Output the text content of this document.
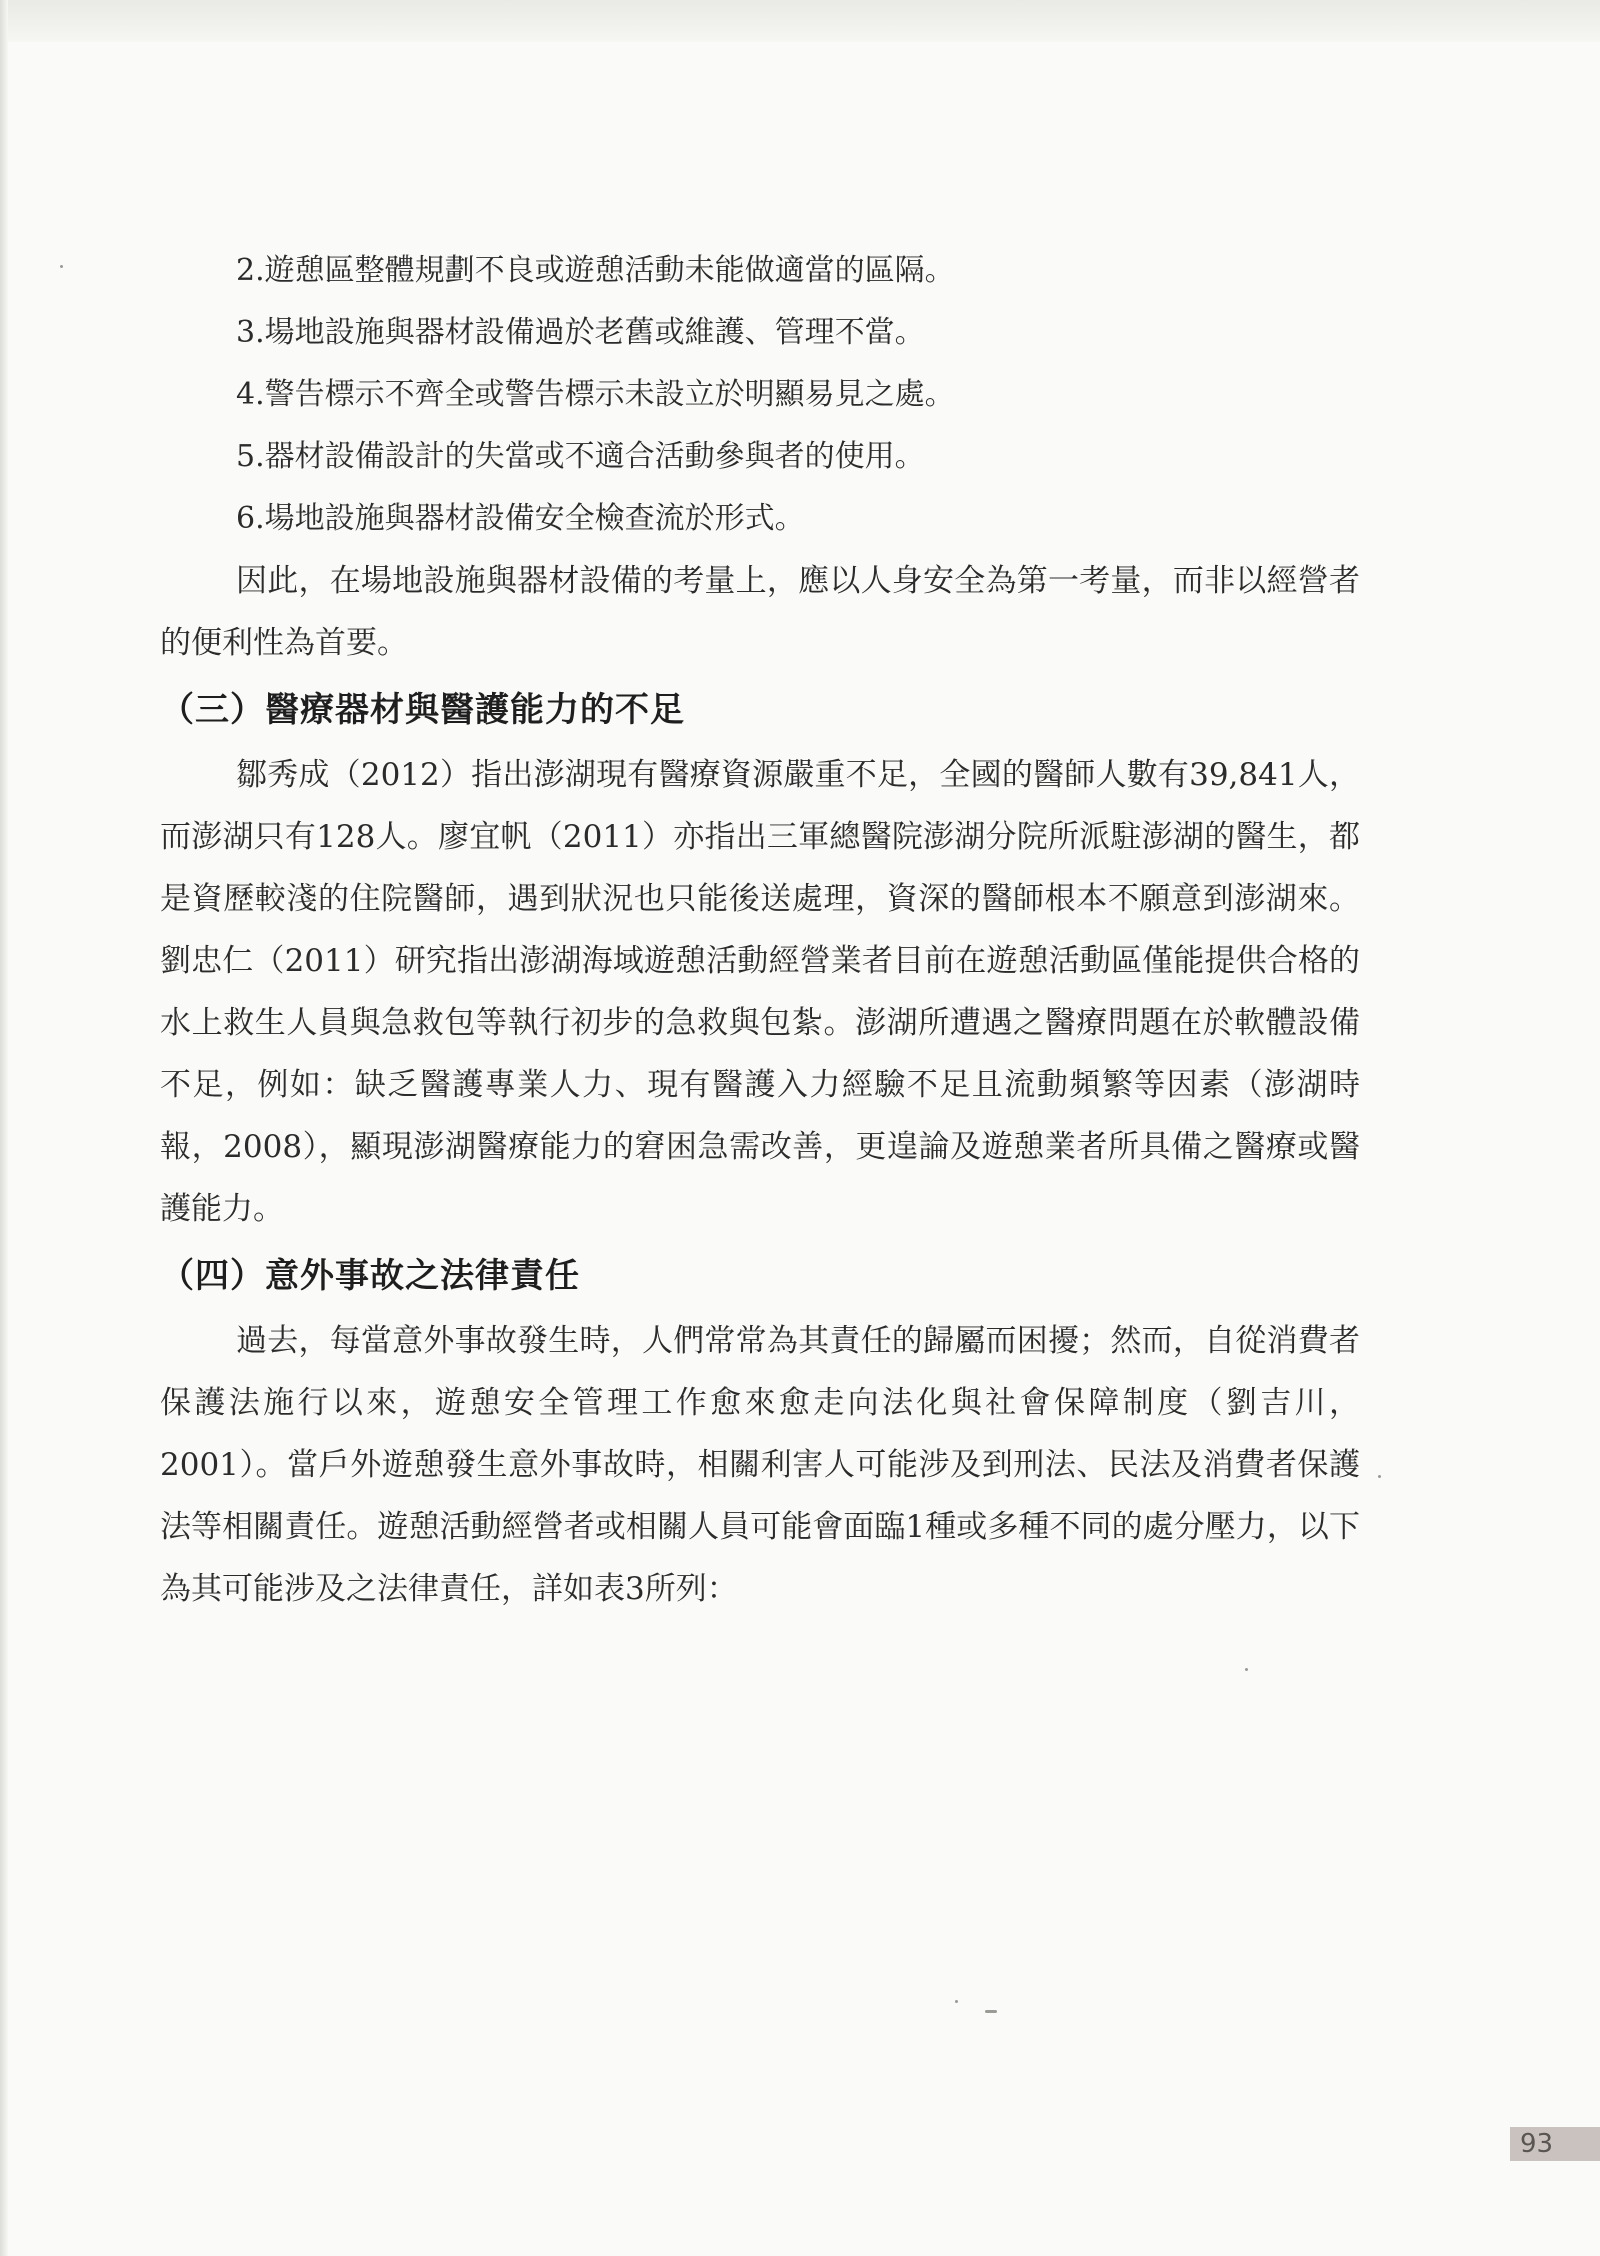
2.遊憩區整體規劃不良或遊憩活動未能做適當的區隔。
3.場地設施與器材設備過於老舊或維護、管理不當。
4.警告標示不齊全或警告標示未設立於明顯易見之處。
5.器材設備設計的失當或不適合活動參與者的使用。
6.場地設施與器材設備安全檢查流於形式。

因此，在場地設施與器材設備的考量上，應以人身安全為第一考量，而非以經營者的便利性為首要。

（三）醫療器材與醫護能力的不足

鄒秀成（2012）指出澎湖現有醫療資源嚴重不足，全國的醫師人數有39,841人，而澎湖只有128人。廖宜帆（2011）亦指出三軍總醫院澎湖分院所派駐澎湖的醫生，都是資歷較淺的住院醫師，遇到狀況也只能後送處理，資深的醫師根本不願意到澎湖來。劉忠仁（2011）研究指出澎湖海域遊憩活動經營業者目前在遊憩活動區僅能提供合格的水上救生人員與急救包等執行初步的急救與包紮。澎湖所遭遇之醫療問題在於軟體設備不足，例如：缺乏醫護專業人力、現有醫護入力經驗不足且流動頻繁等因素（澎湖時報，2008），顯現澎湖醫療能力的窘困急需改善，更遑論及遊憩業者所具備之醫療或醫護能力。

（四）意外事故之法律責任

過去，每當意外事故發生時，人們常常為其責任的歸屬而困擾；然而，自從消費者保護法施行以來，遊憩安全管理工作愈來愈走向法化與社會保障制度（劉吉川，2001）。當戶外遊憩發生意外事故時，相關利害人可能涉及到刑法、民法及消費者保護法等相關責任。遊憩活動經營者或相關人員可能會面臨1種或多種不同的處分壓力，以下為其可能涉及之法律責任，詳如表3所列：

93
